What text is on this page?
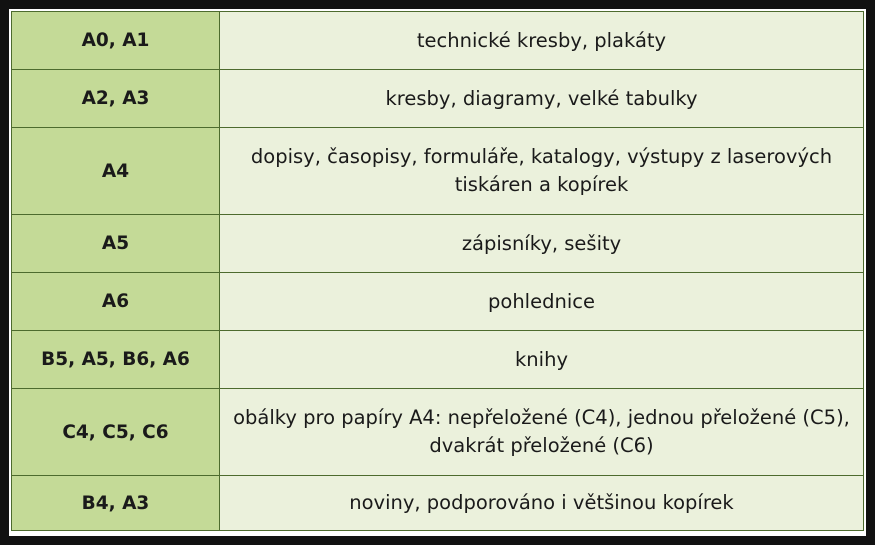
A0, A1	technické kresby, plakáty
A2, A3	kresby, diagramy, velké tabulky
A4	dopisy, časopisy, formuláře, katalogy, výstupy z laserových tiskáren a kopírek
A5	zápisníky, sešity
A6	pohlednice
B5, A5, B6, A6	knihy
C4, C5, C6	obálky pro papíry A4: nepřeložené (C4), jednou přeložené (C5), dvakrát přeložené (C6)
B4, A3	noviny, podporováno i většinou kopírek
